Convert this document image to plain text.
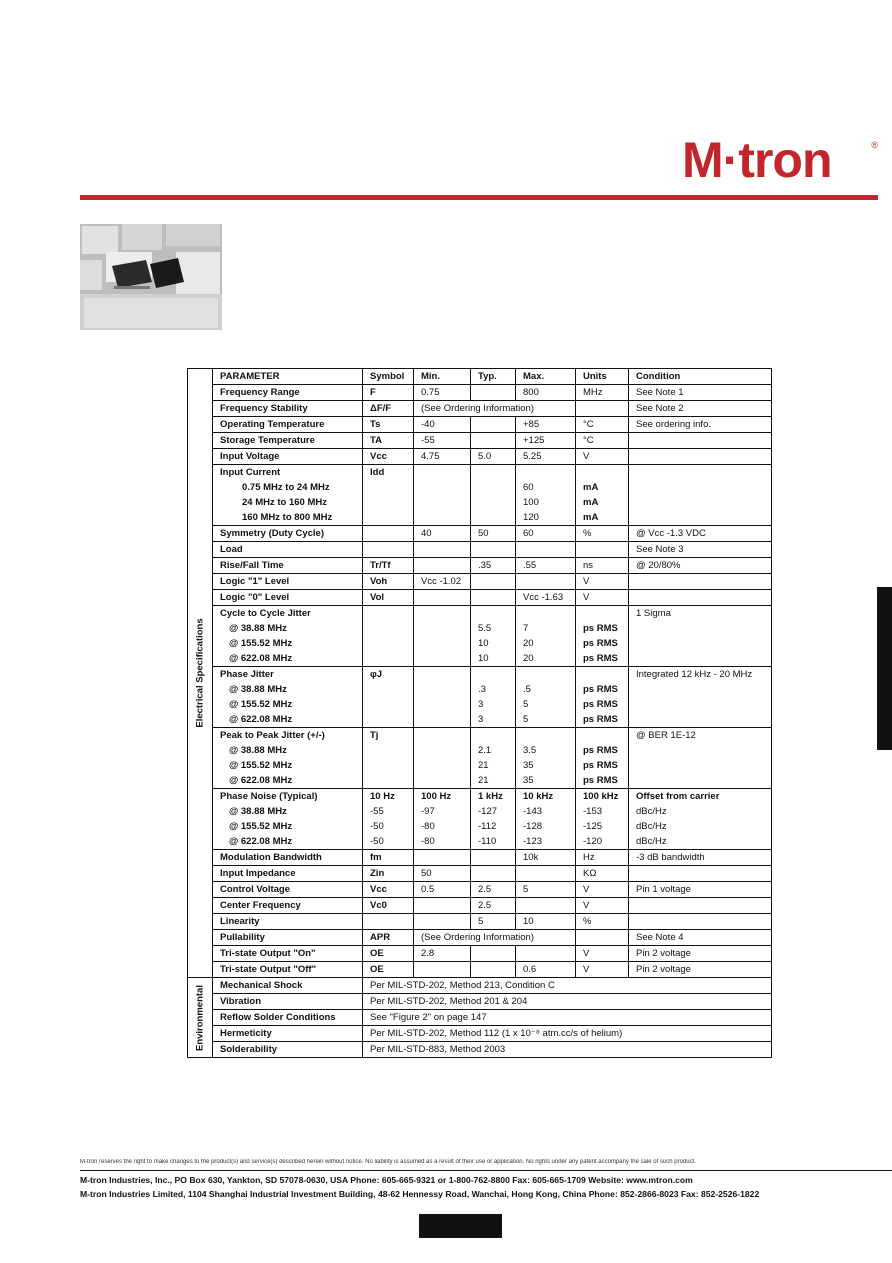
M·tron	®
Electrical Specifications	PARAMETER	Symbol	Min.	Typ.	Max.	Units	Condition
	Frequency Range	F	0.75		800	MHz	See Note 1
	Frequency Stability	ΔF/F	(See Ordering Information)				See Note 2
	Operating Temperature	Ts	-40		+85	°C	See ordering info.
	Storage Temperature	TA	-55		+125	°C	
	Input Voltage	Vcc	4.75	5.0	5.25	V	
	Input Current	Idd					
	0.75 MHz to 24 MHz				60	mA	
	24 MHz to 160 MHz				100	mA	
	160 MHz to 800 MHz				120	mA	
	Symmetry (Duty Cycle)		40	50	60	%	@ Vcc -1.3 VDC
	Load						See Note 3
	Rise/Fall Time	Tr/Tf		.35	.55	ns	@ 20/80%
	Logic "1" Level	Voh	Vcc -1.02			V	
	Logic "0" Level	Vol			Vcc -1.63	V	
	Cycle to Cycle Jitter						1 Sigma
	@ 38.88 MHz			5.5	7	ps RMS	
	@ 155.52 MHz			10	20	ps RMS	
	@ 622.08 MHz			10	20	ps RMS	
	Phase Jitter	φJ					Integrated 12 kHz - 20 MHz
	@ 38.88 MHz			.3	.5	ps RMS	
	@ 155.52 MHz			3	5	ps RMS	
	@ 622.08 MHz			3	5	ps RMS	
	Peak to Peak Jitter (+/-)	Tj					@ BER 1E-12
	@ 38.88 MHz			2.1	3.5	ps RMS	
	@ 155.52 MHz			21	35	ps RMS	
	@ 622.08 MHz			21	35	ps RMS	
	Phase Noise (Typical)	10 Hz	100 Hz	1 kHz	10 kHz	100 kHz	Offset from carrier
	@ 38.88 MHz	-55	-97	-127	-143	-153	dBc/Hz
	@ 155.52 MHz	-50	-80	-112	-128	-125	dBc/Hz
	@ 622.08 MHz	-50	-80	-110	-123	-120	dBc/Hz
	Modulation Bandwidth	fm			10k	Hz	-3 dB bandwidth
	Input Impedance	Zin	50			KΩ	
	Control Voltage	Vcc	0.5	2.5	5	V	Pin 1 voltage
	Center Frequency	Vc0		2.5		V	
	Linearity			5	10	%	
	Pullability	APR	(See Ordering Information)				See Note 4
	Tri-state Output "On"	OE	2.8			V	Pin 2 voltage
	Tri-state Output "Off"	OE			0.6	V	Pin 2 voltage

Environmental	Mechanical Shock	Per MIL-STD-202, Method 213, Condition C					
	Vibration	Per MIL-STD-202, Method 201 & 204					
	Reflow Solder Conditions	See "Figure 2" on page 147					
	Hermeticity	Per MIL-STD-202, Method 112 (1 x 10⁻⁸ atm.cc/s of helium)					
	Solderability	Per MIL-STD-883, Method 2003					
M-tron reserves the right to make changes to the product(s) and service(s) described herein without notice. No liability is assumed as a result of their use or application. No rights under any patent accompany the sale of such product.
M-tron Industries, Inc., PO Box 630, Yankton, SD 57078-0630, USA Phone: 605-665-9321 or 1-800-762-8800 Fax: 605-665-1709 Website: www.mtron.com
M-tron Industries Limited, 1104 Shanghai Industrial Investment Building, 48-62 Hennessy Road, Wanchai, Hong Kong, China Phone: 852-2866-8023 Fax: 852-2526-1822
